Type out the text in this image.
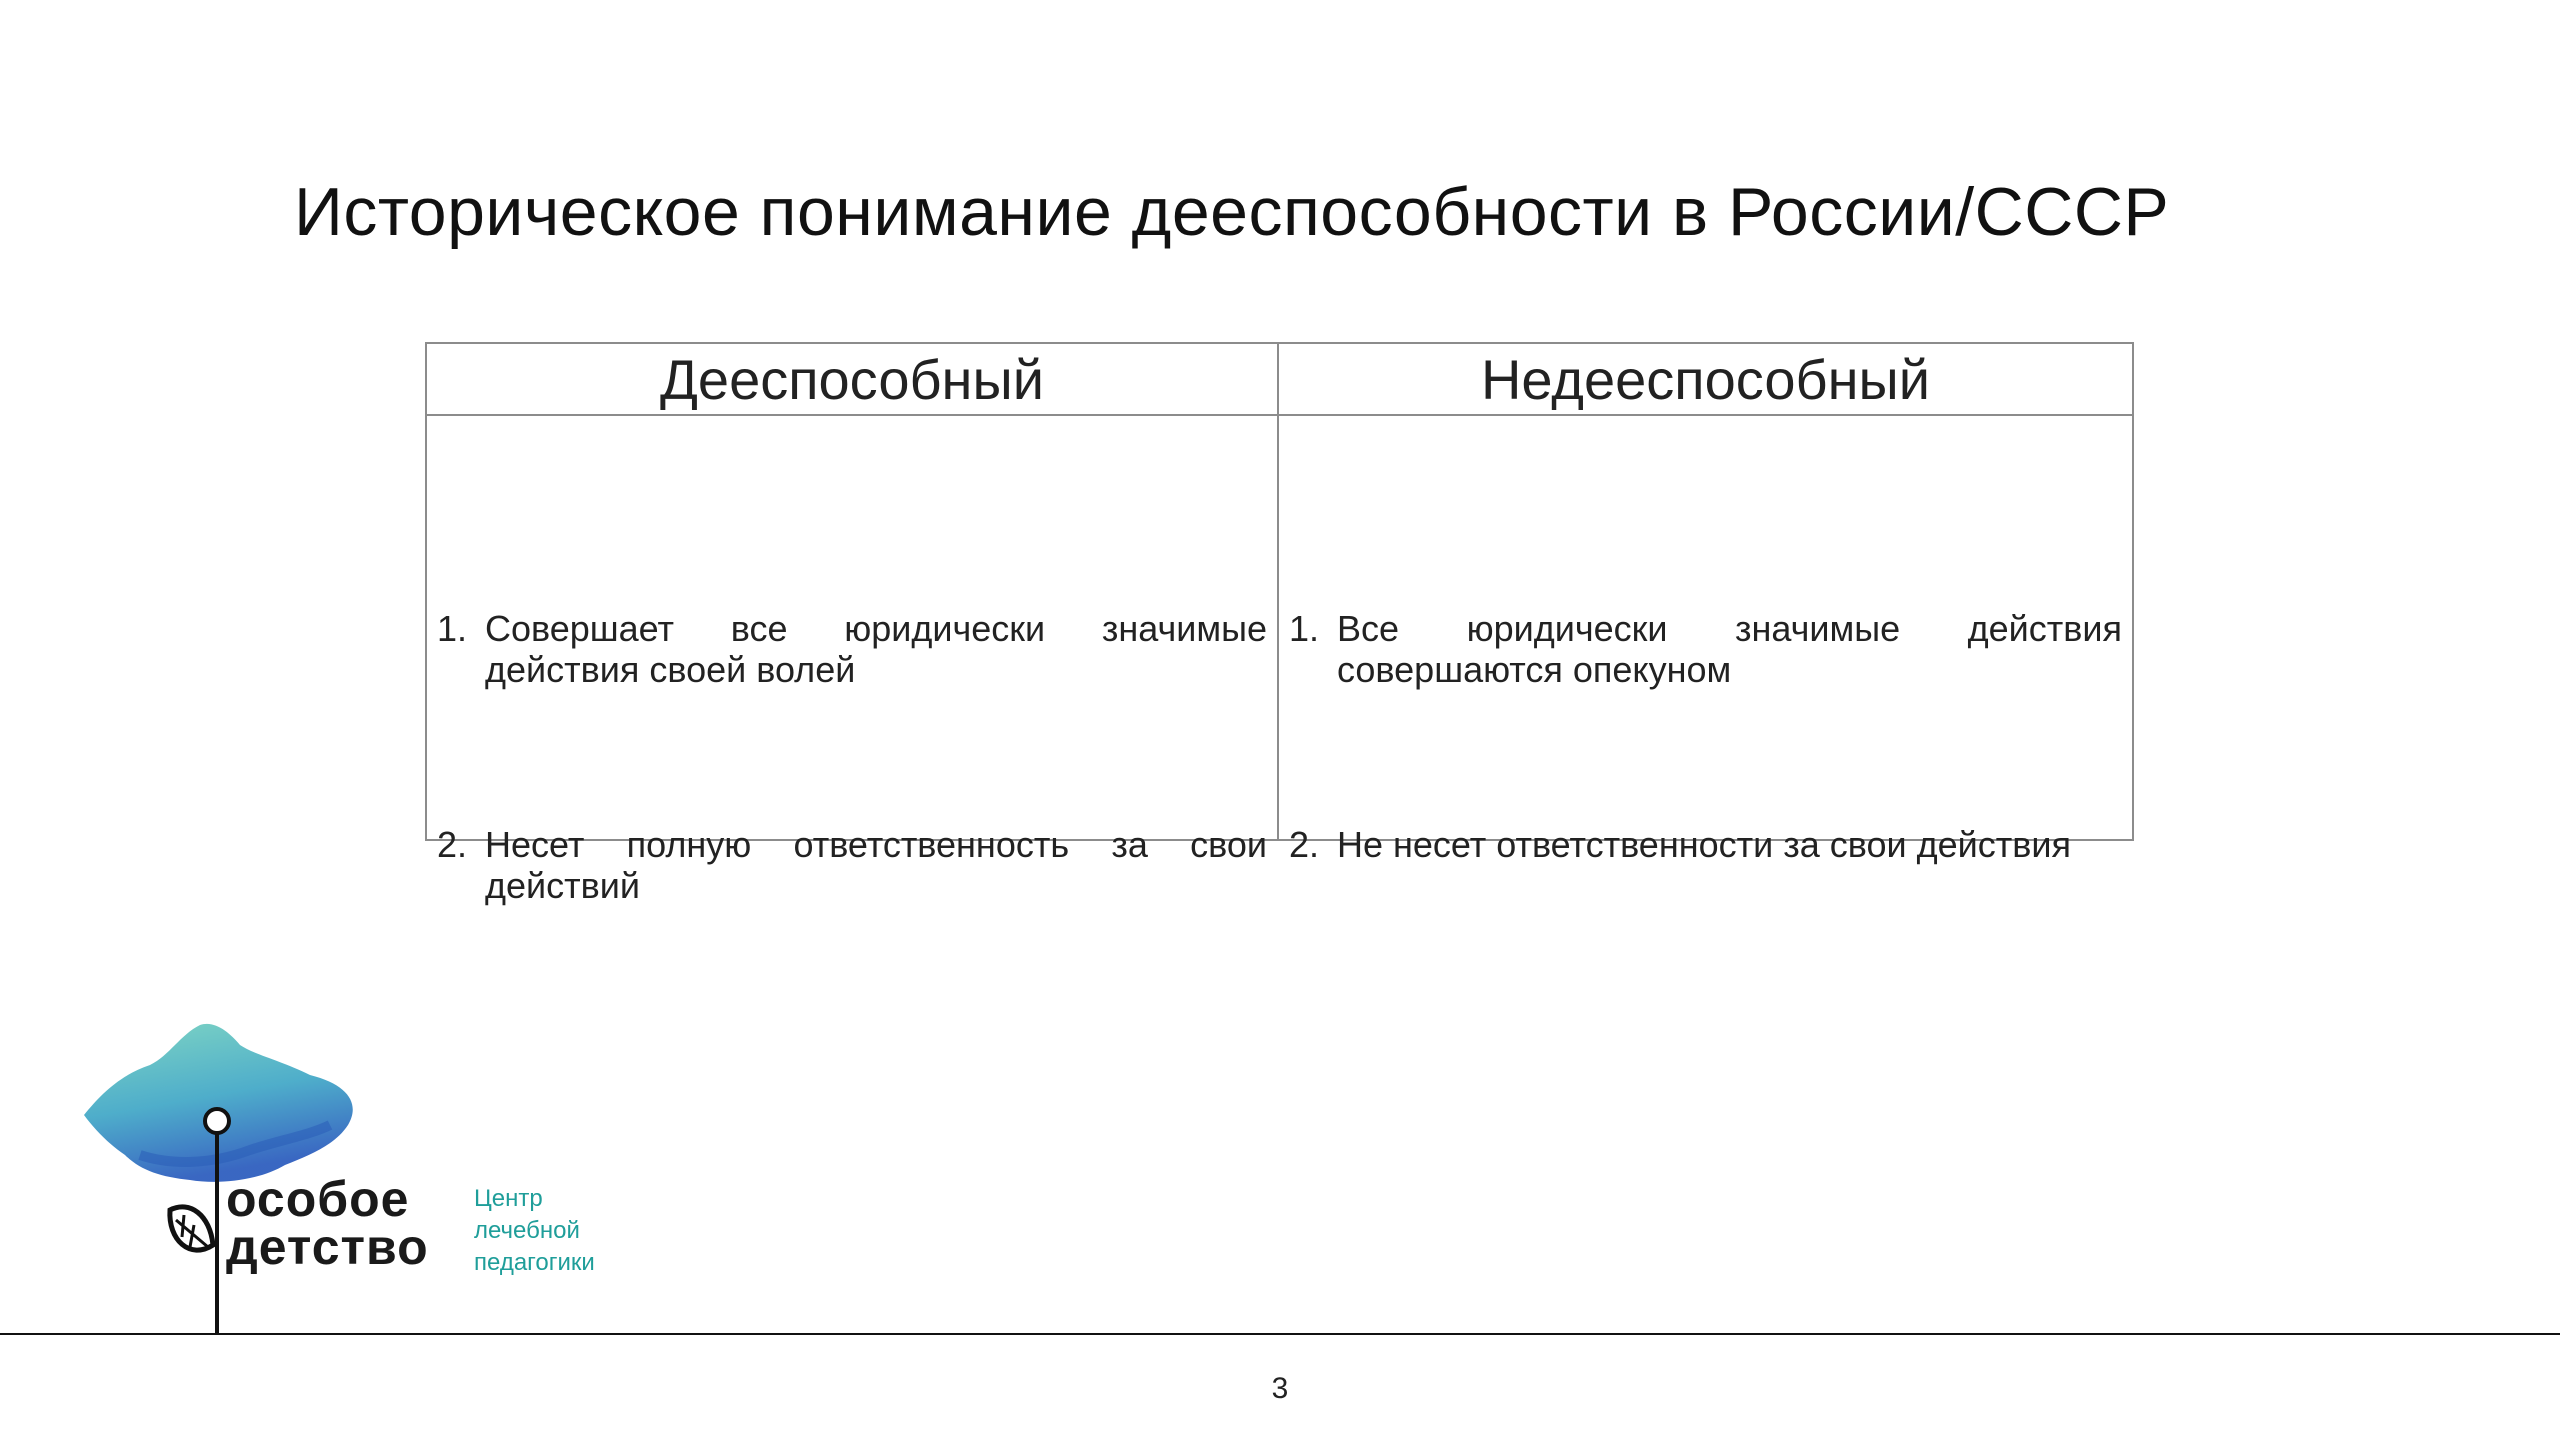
Историческое понимание дееспособности в России/СССР
Дееспособный	Недееспособный
1. Совершает все юридически значимые действия своей волей
2. Несет полную ответственность за свои действий
1. Все юридически значимые действия совершаются опекуном
2. Не несет ответственности за свои действия
особое
детство
Центр
лечебной
педагогики
3
